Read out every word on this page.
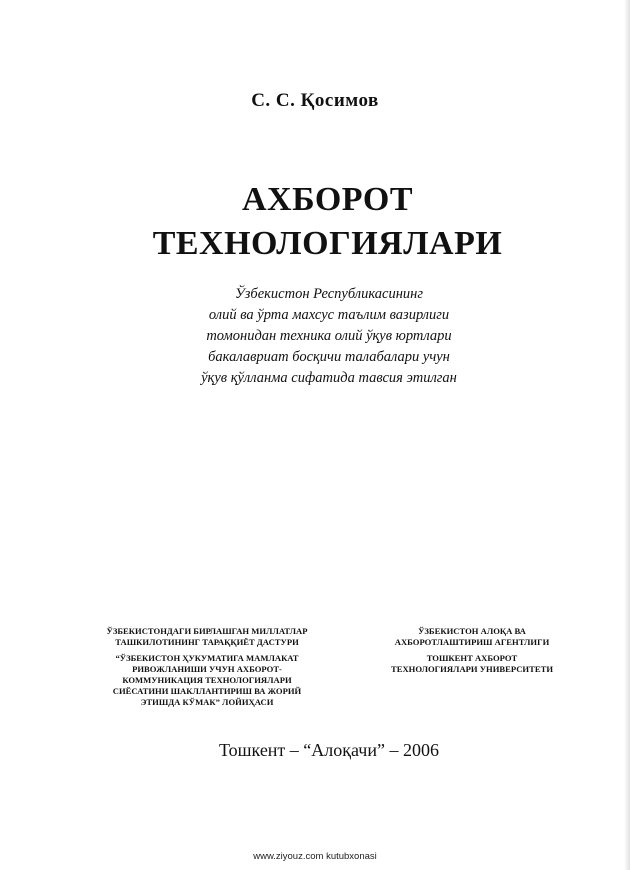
С. С. Қосимов
АХБОРОТ
ТЕХНОЛОГИЯЛАРИ
Ўзбекистон Республикасининг
олий ва ўрта махсус таълим вазирлиги
томонидан техника олий ўқув юртлари
бакалавриат босқичи талабалари учун
ўқув қўлланма сифатида тавсия этилган
ЎЗБЕКИСТОНДАГИ БИРЛАШГАН МИЛЛАТЛАР
ТАШКИЛОТИНИНГ ТАРАҚҚИЁТ ДАСТУРИ
“ЎЗБЕКИСТОН ҲУКУМАТИГА МАМЛАКАТ
РИВОЖЛАНИШИ УЧУН АХБОРОТ-
КОММУНИКАЦИЯ ТЕХНОЛОГИЯЛАРИ
СИЁСАТИНИ ШАКЛЛАНТИРИШ ВА ЖОРИЙ
ЭТИШДА КЎМАК” ЛОЙИҲАСИ
ЎЗБЕКИСТОН АЛОҚА ВА
АХБОРОТЛАШТИРИШ АГЕНТЛИГИ
ТОШКЕНТ АХБОРОТ
ТЕХНОЛОГИЯЛАРИ УНИВЕРСИТЕТИ
Тошкент – “Алоқачи” – 2006
www.ziyouz.com kutubxonasi
